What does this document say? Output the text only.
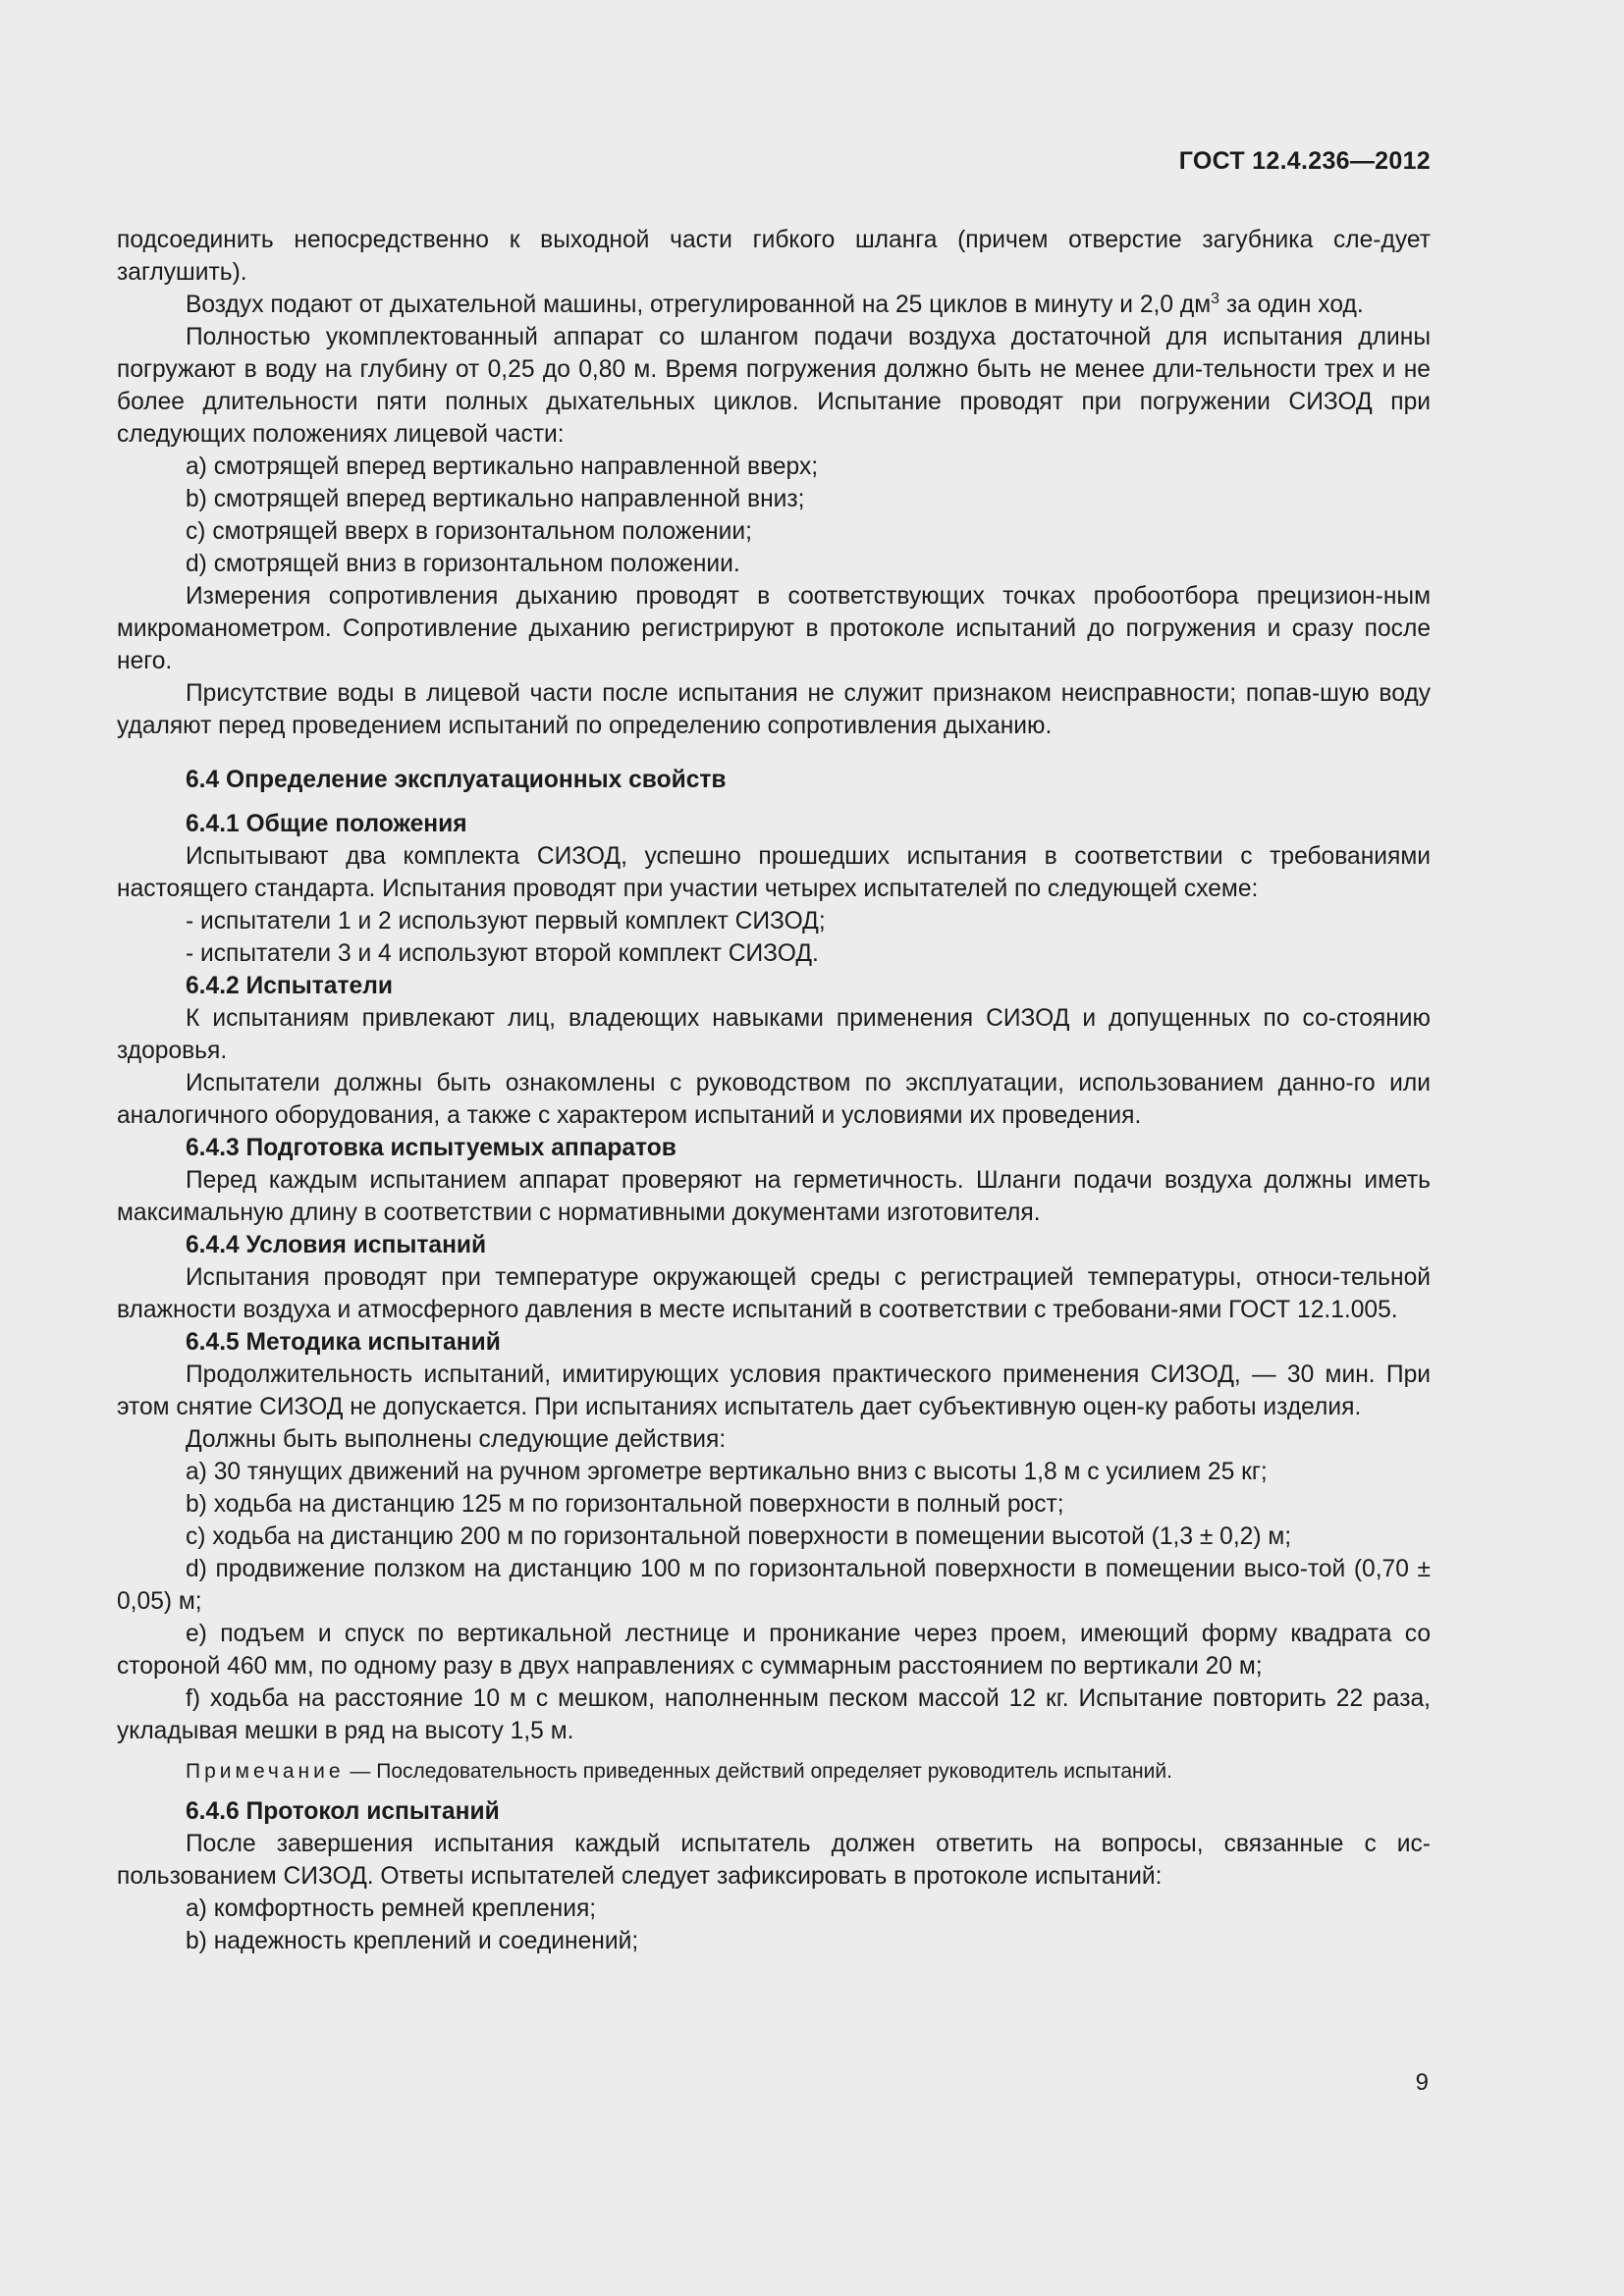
ГОСТ 12.4.236—2012

подсоединить непосредственно к выходной части гибкого шланга (причем отверстие загубника сле-дует заглушить).

Воздух подают от дыхательной машины, отрегулированной на 25 циклов в минуту и 2,0 $дм^3$ за один ход.

Полностью укомплектованный аппарат со шлангом подачи воздуха достаточной для испытания длины погружают в воду на глубину от 0,25 до 0,80 м. Время погружения должно быть не менее дли-тельности трех и не более длительности пяти полных дыхательных циклов. Испытание проводят при погружении СИЗОД при следующих положениях лицевой части:

a) смотрящей вперед вертикально направленной вверх;

b) смотрящей вперед вертикально направленной вниз;

c) смотрящей вверх в горизонтальном положении;

d) смотрящей вниз в горизонтальном положении.

Измерения сопротивления дыханию проводят в соответствующих точках пробоотбора прецизион-ным микроманометром. Сопротивление дыханию регистрируют в протоколе испытаний до погружения и сразу после него.

Присутствие воды в лицевой части после испытания не служит признаком неисправности; попав-шую воду удаляют перед проведением испытаний по определению сопротивления дыханию.

6.4 Определение эксплуатационных свойств

6.4.1 Общие положения

Испытывают два комплекта СИЗОД, успешно прошедших испытания в соответствии с требованиями настоящего стандарта. Испытания проводят при участии четырех испытателей по следующей схеме:

- испытатели 1 и 2 используют первый комплект СИЗОД;

- испытатели 3 и 4 используют второй комплект СИЗОД.

6.4.2 Испытатели

К испытаниям привлекают лиц, владеющих навыками применения СИЗОД и допущенных по со-стоянию здоровья.

Испытатели должны быть ознакомлены с руководством по эксплуатации, использованием данно-го или аналогичного оборудования, а также с характером испытаний и условиями их проведения.

6.4.3 Подготовка испытуемых аппаратов

Перед каждым испытанием аппарат проверяют на герметичность. Шланги подачи воздуха должны иметь максимальную длину в соответствии с нормативными документами изготовителя.

6.4.4 Условия испытаний

Испытания проводят при температуре окружающей среды с регистрацией температуры, относи-тельной влажности воздуха и атмосферного давления в месте испытаний в соответствии с требовани-ями ГОСТ 12.1.005.

6.4.5 Методика испытаний

Продолжительность испытаний, имитирующих условия практического применения СИЗОД, — 30 мин. При этом снятие СИЗОД не допускается. При испытаниях испытатель дает субъективную оцен-ку работы изделия.

Должны быть выполнены следующие действия:

a) 30 тянущих движений на ручном эргометре вертикально вниз с высоты 1,8 м с усилием 25 кг;

b) ходьба на дистанцию 125 м по горизонтальной поверхности в полный рост;

c) ходьба на дистанцию 200 м по горизонтальной поверхности в помещении высотой (1,3 ± 0,2) м;

d) продвижение ползком на дистанцию 100 м по горизонтальной поверхности в помещении высо-той (0,70 ± 0,05) м;

e) подъем и спуск по вертикальной лестнице и проникание через проем, имеющий форму квадрата со стороной 460 мм, по одному разу в двух направлениях с суммарным расстоянием по вертикали 20 м;

f) ходьба на расстояние 10 м с мешком, наполненным песком массой 12 кг. Испытание повторить 22 раза, укладывая мешки в ряд на высоту 1,5 м.

Примечание — Последовательность приведенных действий определяет руководитель испытаний.

6.4.6 Протокол испытаний

После завершения испытания каждый испытатель должен ответить на вопросы, связанные с ис-пользованием СИЗОД. Ответы испытателей следует зафиксировать в протоколе испытаний:

a) комфортность ремней крепления;

b) надежность креплений и соединений;

9
